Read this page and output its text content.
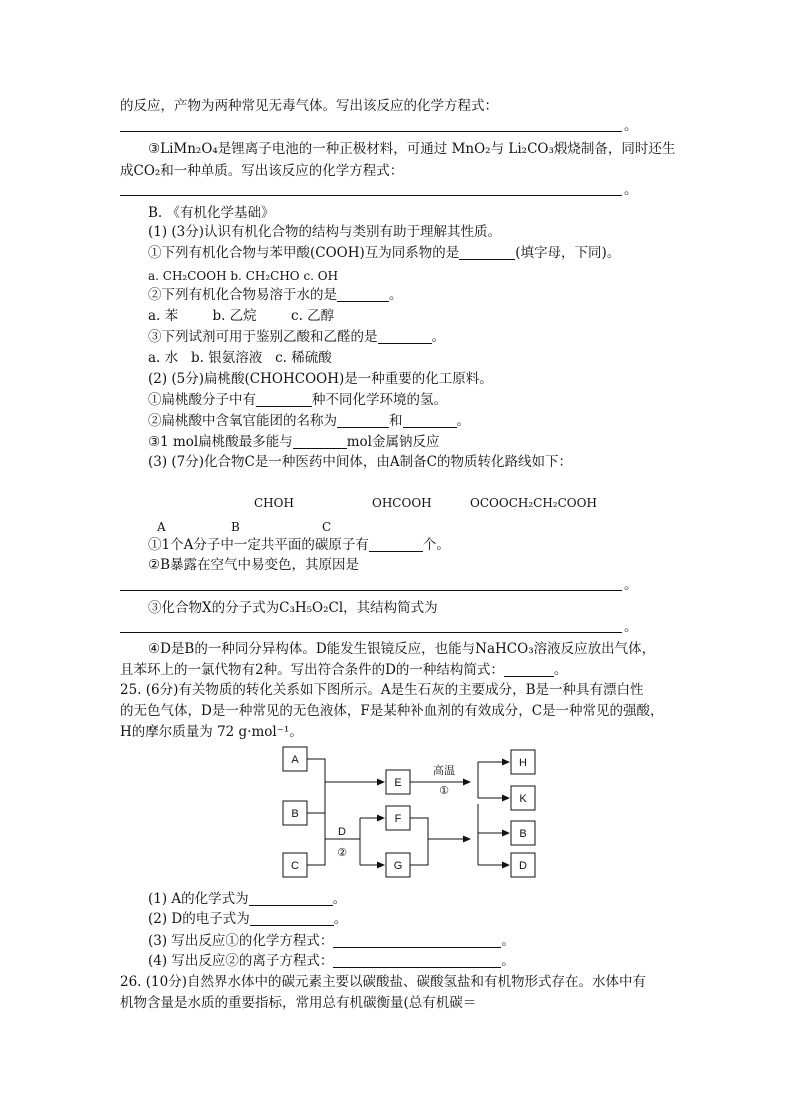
的反应，产物为两种常见无毒气体。写出该反应的化学方程式：
。
③LiMn₂O₄是锂离子电池的一种正极材料，可通过 MnO₂与 Li₂CO₃煅烧制备，同时还生
成CO₂和一种单质。写出该反应的化学方程式：
。
B. 《有机化学基础》
(1) (3分)认识有机化合物的结构与类别有助于理解其性质。
①下列有机化合物与苯甲酸(COOH)互为同系物的是	(填字母，下同)。
a. CH₂COOH b. CH₂CHO c. OH
②下列有机化合物易溶于水的是	。
a. 苯        b. 乙烷        c. 乙醇
③下列试剂可用于鉴别乙酸和乙醛的是	。
a. 水   b. 银氨溶液   c. 稀硫酸
(2) (5分)扁桃酸(CHOHCOOH)是一种重要的化工原料。
①扁桃酸分子中有	种不同化学环境的氢。
②扁桃酸中含氧官能团的名称为	和	。
③1 mol扁桃酸最多能与	mol金属钠反应
(3) (7分)化合物C是一种医药中间体，由A制备C的物质转化路线如下：
CHOH	OHCOOH	OCOOCH₂CH₂COOH
A	B	C
①1个A分子中一定共平面的碳原子有	个。
②B暴露在空气中易变色，其原因是
。
③化合物X的分子式为C₃H₅O₂Cl，其结构简式为
。
④D是B的一种同分异构体。D能发生银镜反应，也能与NaHCO₃溶液反应放出气体，
且苯环上的一氯代物有2种。写出符合条件的D的一种结构简式：	。
25. (6分)有关物质的转化关系如下图所示。A是生石灰的主要成分，B是一种具有漂白性
的无色气体，D是一种常见的无色液体，F是某种补血剂的有效成分，C是一种常见的强酸，
H的摩尔质量为 72 g·mol⁻¹。
A
B
C
E
F
G
H
K
B
D
高温
①
D
②
(1) A的化学式为	。
(2) D的电子式为	。
(3) 写出反应①的化学方程式：	。
(4) 写出反应②的离子方程式：	。
26. (10分)自然界水体中的碳元素主要以碳酸盐、碳酸氢盐和有机物形式存在。水体中有
机物含量是水质的重要指标，常用总有机碳衡量(总有机碳＝
